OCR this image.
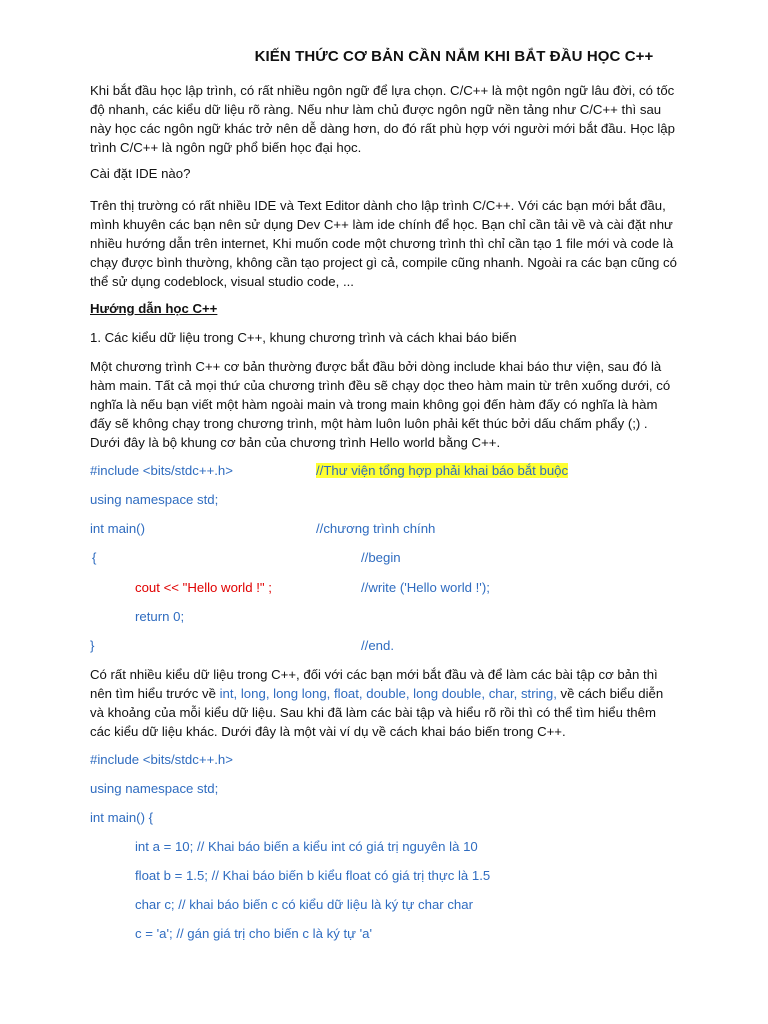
KIẾN THỨC CƠ BẢN CẦN NẮM KHI BẮT ĐẦU HỌC C++
Khi bắt đầu học lập trình, có rất nhiều ngôn ngữ để lựa chọn. C/C++ là một ngôn ngữ lâu đời, có tốc độ nhanh, các kiểu dữ liệu rõ ràng. Nếu như làm chủ được ngôn ngữ nền tảng như C/C++ thì sau này học các ngôn ngữ khác trở nên dễ dàng hơn, do đó rất phù hợp với người mới bắt đầu. Học lập trình C/C++ là ngôn ngữ phổ biến học đại học.
Cài đặt IDE nào?
Trên thị trường có rất nhiều IDE và Text Editor dành cho lập trình C/C++. Với các bạn mới bắt đầu, mình khuyên các bạn nên sử dụng Dev C++ làm ide chính để học. Bạn chỉ cần tải về và cài đặt như nhiều hướng dẫn trên internet, Khi muốn code một chương trình thì chỉ cần tạo 1 file mới và code là chạy được bình thường, không cần tạo project gì cả, compile cũng nhanh. Ngoài ra các bạn cũng có thể sử dụng codeblock, visual studio code, ...
Hướng dẫn học C++
1. Các kiểu dữ liệu trong C++, khung chương trình và cách khai báo biến
Một chương trình C++ cơ bản thường được bắt đầu bởi dòng include khai báo thư viện, sau đó là hàm main. Tất cả mọi thứ của chương trình đều sẽ chạy dọc theo hàm main từ trên xuống dưới, có nghĩa là nếu bạn viết một hàm ngoài main và trong main không gọi đến hàm đấy có nghĩa là hàm đấy sẽ không chạy trong chương trình, một hàm luôn luôn phải kết thúc bởi dấu chấm phẩy (;) . Dưới đây là bộ khung cơ bản của chương trình Hello world bằng C++.
#include <bits/stdc++.h>	//Thư viện tổng hợp phải khai báo bắt buộc
using namespace std;
int main()	//chương trình chính
{	//begin
cout << "Hello world !" ;	//write ('Hello world !');
return 0;
}	//end.
Có rất nhiều kiểu dữ liệu trong C++, đối với các bạn mới bắt đầu và để làm các bài tập cơ bản thì nên tìm hiểu trước về int, long, long long, float, double, long double, char, string, về cách biểu diễn và khoảng của mỗi kiểu dữ liệu. Sau khi đã làm các bài tập và hiểu rõ rồi thì có thể tìm hiểu thêm các kiểu dữ liệu khác. Dưới đây là một vài ví dụ về cách khai báo biến trong C++.
#include <bits/stdc++.h>
using namespace std;
int main() {
int a = 10; // Khai báo biến a kiểu int có giá trị nguyên là 10
float b = 1.5; // Khai báo biến b kiểu float có giá trị thực là 1.5
char c; // khai báo biến c có kiểu dữ liệu là ký tự char char
c = 'a'; // gán giá trị cho biến c là ký tự 'a'
